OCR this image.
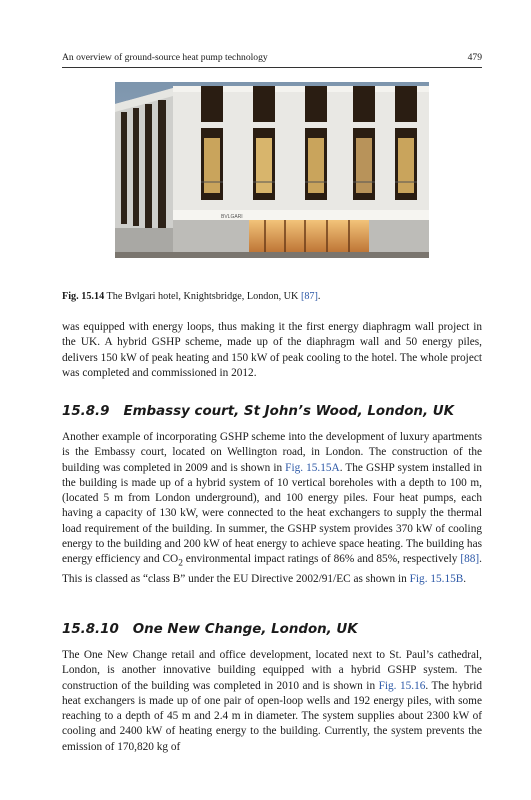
An overview of ground-source heat pump technology	479
BVLGARI
Fig. 15.14 The Bvlgari hotel, Knightsbridge, London, UK [87].

was equipped with energy loops, thus making it the first energy diaphragm wall project in the UK. A hybrid GSHP scheme, made up of the diaphragm wall and 50 energy piles, delivers 150 kW of peak heating and 150 kW of peak cooling to the hotel. The whole project was completed and commissioned in 2012.

15.8.9 Embassy court, St John’s Wood, London, UK

Another example of incorporating GSHP scheme into the development of luxury apartments is the Embassy court, located on Wellington road, in London. The construction of the building was completed in 2009 and is shown in Fig. 15.15A. The GSHP system installed in the building is made up of a hybrid system of 10 vertical boreholes with a depth to 100 m, (located 5 m from London underground), and 100 energy piles. Four heat pumps, each having a capacity of 130 kW, were connected to the heat exchangers to supply the thermal load requirement of the building. In summer, the GSHP system provides 370 kW of cooling energy to the building and 200 kW of heat energy to achieve space heating. The building has energy efficiency and $CO_2$ environmental impact ratings of 86% and 85%, respectively [88]. This is classed as “class B” under the EU Directive 2002/91/EC as shown in Fig. 15.15B.

15.8.10 One New Change, London, UK

The One New Change retail and office development, located next to St. Paul’s cathedral, London, is another innovative building equipped with a hybrid GSHP system. The construction of the building was completed in 2010 and is shown in Fig. 15.16. The hybrid heat exchangers is made up of one pair of open-loop wells and 192 energy piles, with some reaching to a depth of 45 m and 2.4 m in diameter. The system supplies about 2300 kW of cooling and 2400 kW of heating energy to the building. Currently, the system prevents the emission of 170,820 kg of
